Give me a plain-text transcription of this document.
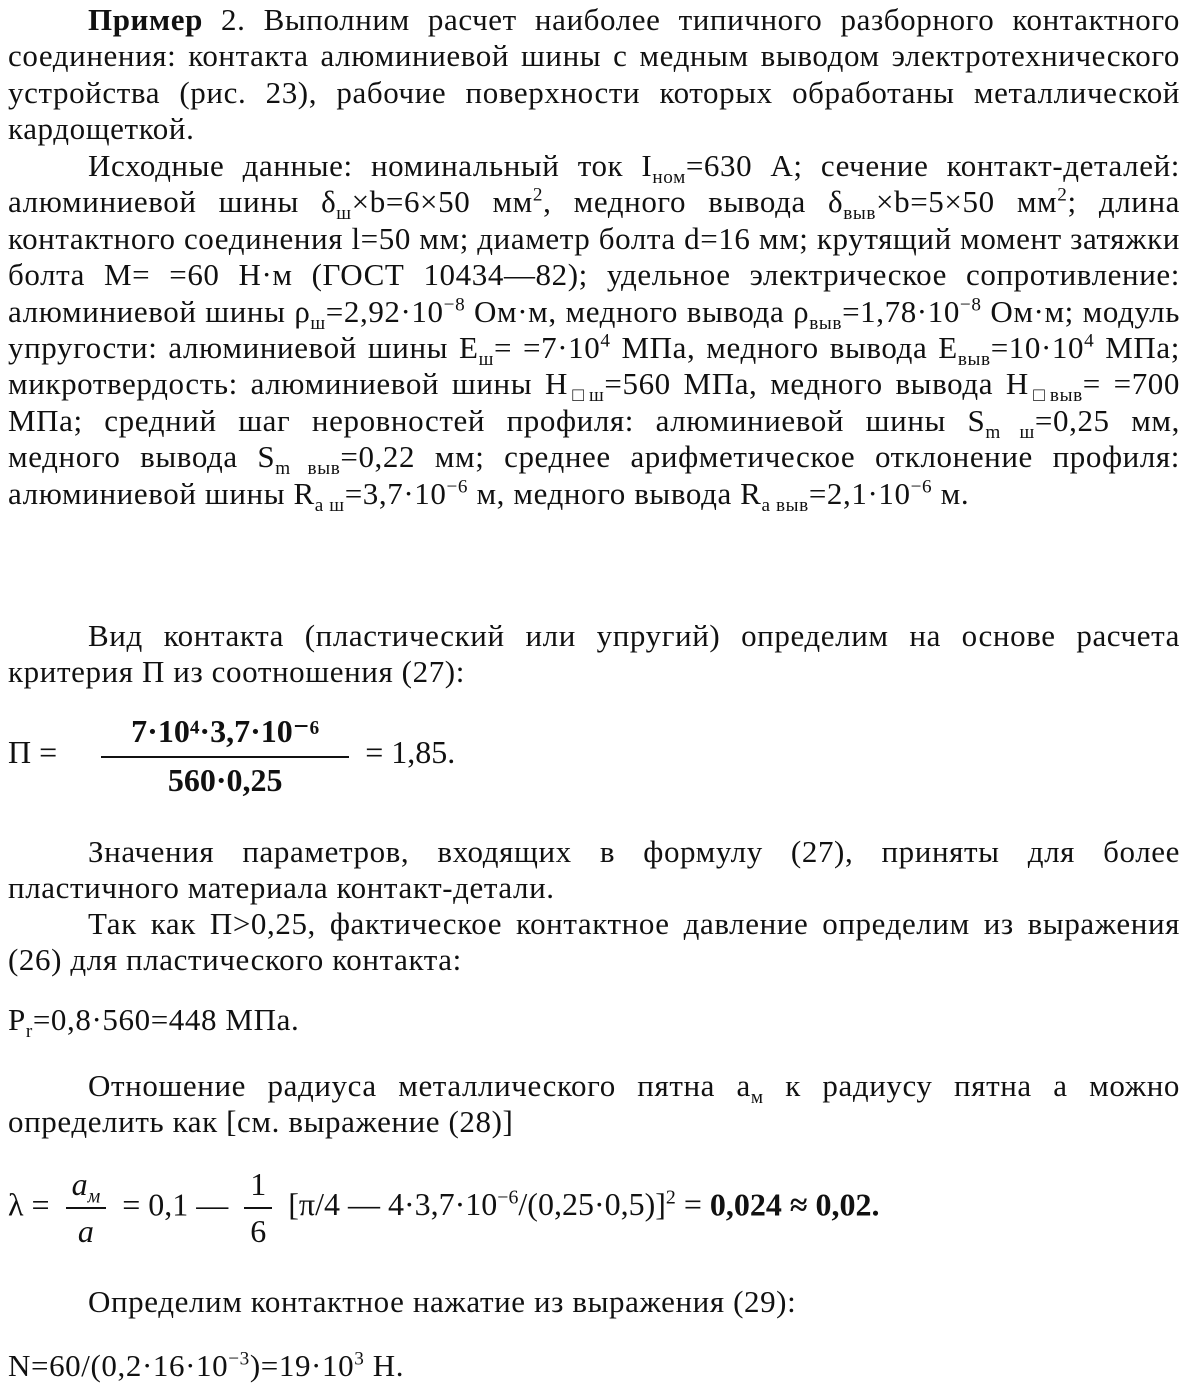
Пример 2. Выполним расчет наиболее типичного разборного контактного соединения: контакта алюминиевой шины с медным выводом электротехнического устройства (рис. 23), рабочие поверхности которых обработаны металлической кардощеткой.

Исходные данные: номинальный ток $I_{ном}=630$ А; сечение контакт-деталей: алюминиевой шины $\delta_ш\times b=6\times 50$ $мм^2$, медного вывода $\delta_{выв}\times b=5\times 50$ $мм^2$; длина контактного соединения l=50 мм; диаметр болта d=16 мм; крутящий момент затяжки болта M= =60 Н·м (ГОСТ 10434—82); удельное электрическое сопротивление: алюминиевой шины $\rho_ш=2,92\cdot 10^{-8}$ Ом·м, медного вывода $\rho_{выв}=1,78\cdot 10^{-8}$ Ом·м; модуль упругости: алюминиевой шины $E_ш= =7\cdot 10^4$ МПа, медного вывода $E_{выв}=10\cdot 10^4$ МПа; микротвердость: алюминиевой шины $H_{□ш}=560$ МПа, медного вывода $H_{□выв}= =700$ МПа; средний шаг неровностей профиля: алюминиевой шины $S_{m ш}=0,25$ мм, медного вывода $S_{m выв}=0,22$ мм; среднее арифметическое отклонение профиля: алюминиевой шины $R_{a ш}=3,7\cdot 10^{-6}$ м, медного вывода $R_{a выв}=2,1\cdot 10^{-6}$ м.

Вид контакта (пластический или упругий) определим на основе расчета критерия П из соотношения (27):

$П = \frac{\text{7·10⁴·3,7·10⁻⁶}}{560\cdot 0,25} = 1,85$.

Значения параметров, входящих в формулу (27), приняты для более пластичного материала контакт-детали.

Так как П>0,25, фактическое контактное давление определим из выражения (26) для пластического контакта:

$P_r=0,8\cdot 560=448$ МПа.

Отношение радиуса металлического пятна $a_м$ к радиусу пятна a можно определить как [см. выражение (28)]

$\lambda = \frac{a_м}{a} = 0,1$ — $\frac{1}{6} [\pi/4$ — $4\cdot 3,7\cdot 10^{-6}/(0,25\cdot 0,5)]^2 = 0,024 \approx 0,02$.

Определим контактное нажатие из выражения (29):

$N=60/(0,2\cdot 16\cdot 10^{-3})=19\cdot 10^3$ Н.
